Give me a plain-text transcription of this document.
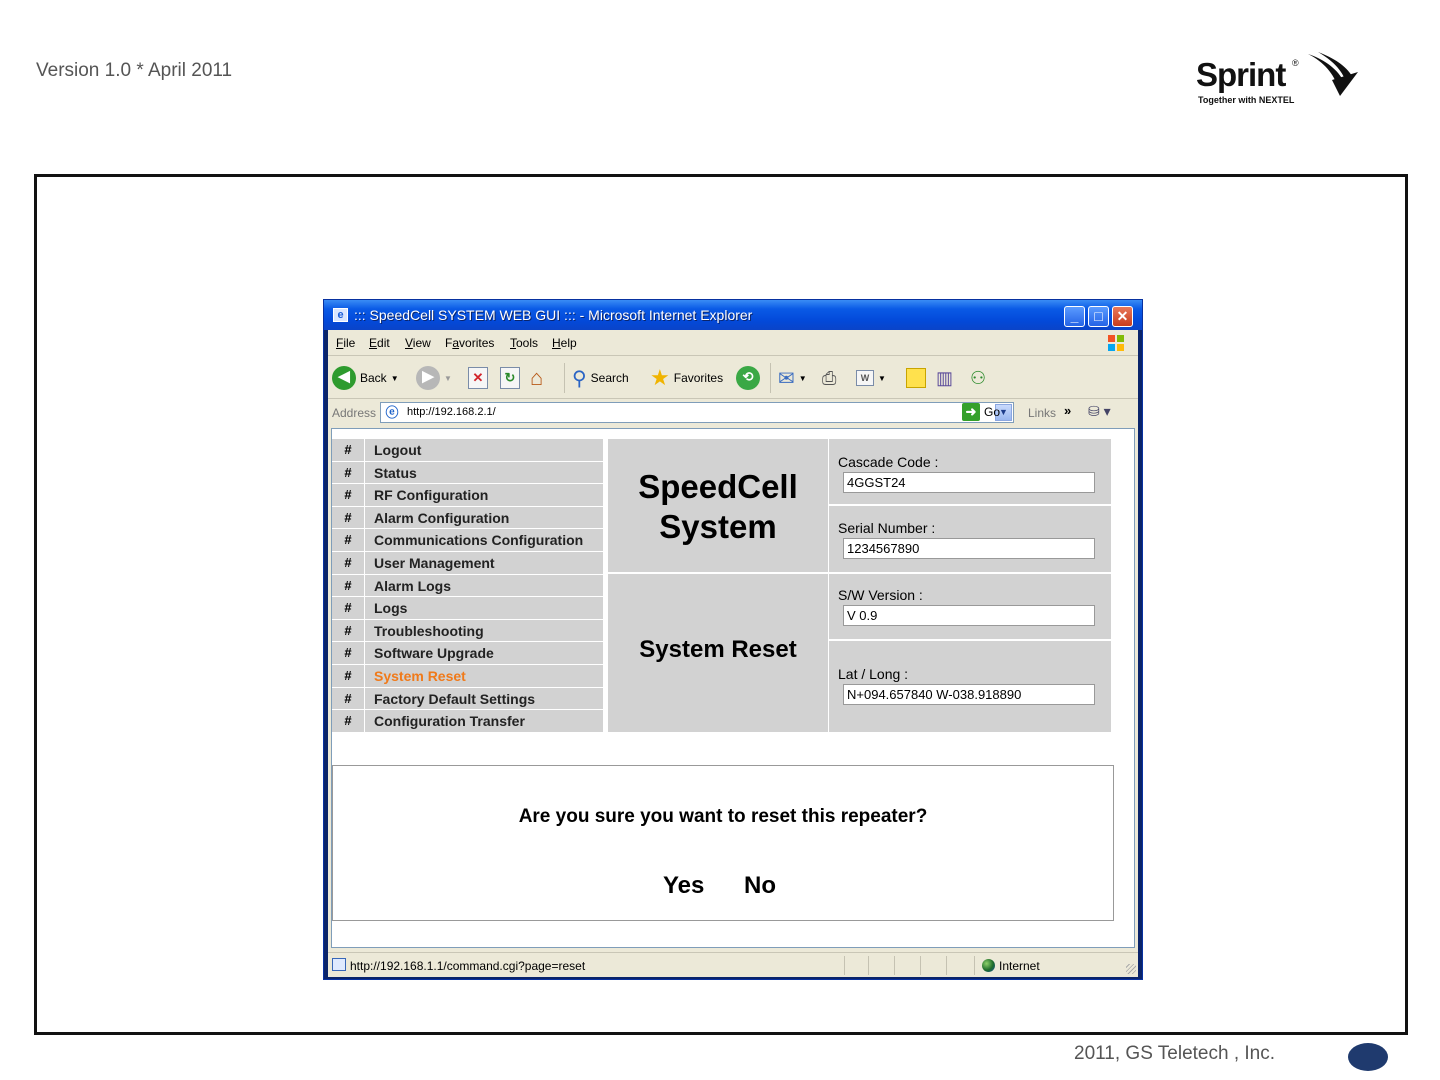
Version 1.0 * April 2011	Sprint ®
Together with NEXTEL
e ::: SpeedCell SYSTEM WEB GUI ::: - Microsoft Internet Explorer	_	□ ✕
File Edit View Favorites Tools Help
◀ Back ▼	▶	▼	✕	↻ ⌂ ⚲ Search ★ Favorites	⟲	✉ ▼ ⎙	W	▼	▥ ⚇
Address ⓔ http://192.168.2.1/	▼
➜ Go Links » ⛁ ▾
#	Logout
#	Status
#	RF Configuration
#	Alarm Configuration
#	Communications Configuration
#	User Management
#	Alarm Logs
#	Logs
#	Troubleshooting
#	Software Upgrade
#	System Reset
#	Factory Default Settings
#	Configuration Transfer
SpeedCell
System
System Reset
Cascade Code :
4GGST24
Serial Number :
1234567890
S/W Version :
V 0.9
Lat / Long :
N+094.657840 W-038.918890
Are you sure you want to reset this repeater?
Yes No
http://192.168.1.1/command.cgi?page=reset	Internet
2011, GS Teletech , Inc.
